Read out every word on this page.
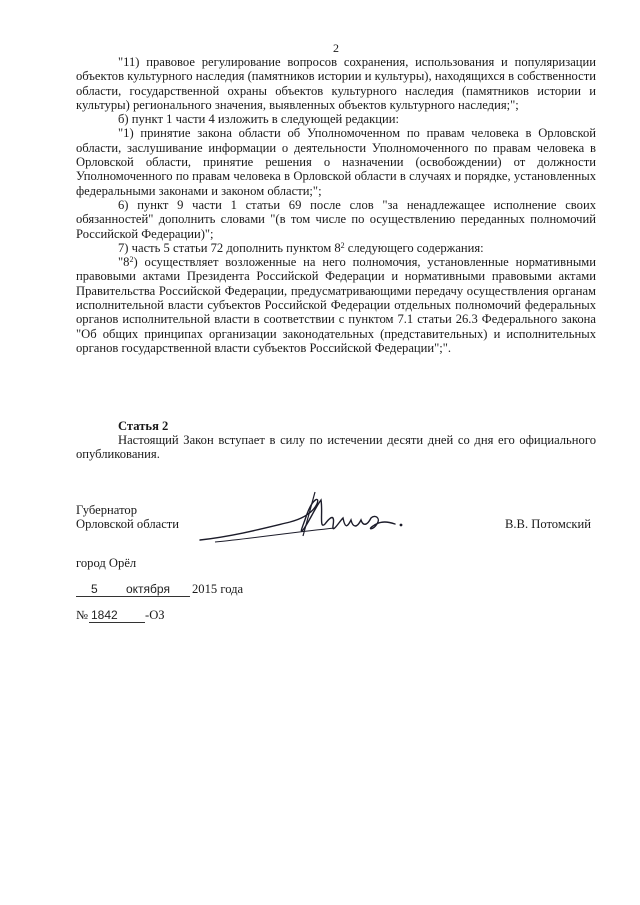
2

"11) правовое регулирование вопросов сохранения, использования и популяризации объектов культурного наследия (памятников истории и культуры), находящихся в собственности области, государственной охраны объектов культурного наследия (памятников истории и культуры) регионального значения, выявленных объектов культурного наследия;";

б) пункт 1 части 4 изложить в следующей редакции:

"1) принятие закона области об Уполномоченном по правам человека в Орловской области, заслушивание информации о деятельности Уполномоченного по правам человека в Орловской области, принятие решения о назначении (освобождении) от должности Уполномоченного по правам человека в Орловской области в случаях и порядке, установленных федеральными законами и законом области;";

6) пункт 9 части 1 статьи 69 после слов "за ненадлежащее исполнение своих обязанностей" дополнить словами "(в том числе по осуществлению переданных полномочий Российской Федерации)";

7) часть 5 статьи 72 дополнить пунктом $8^2$ следующего содержания:

"$8^2$) осуществляет возложенные на него полномочия, установленные нормативными правовыми актами Президента Российской Федерации и нормативными правовыми актами Правительства Российской Федерации, предусматривающими передачу осуществления органам исполнительной власти субъектов Российской Федерации отдельных полномочий федеральных органов исполнительной власти в соответствии с пунктом 7.1 статьи 26.3 Федерального закона "Об общих принципах организации законодательных (представительных) и исполнительных органов государственной власти субъектов Российской Федерации";".

Статья 2

Настоящий Закон вступает в силу по истечении десяти дней со дня его официального опубликования.

Губернатор
Орловской области	В.В. Потомский
город Орёл
5 октября 2015 года
№ 1842 -ОЗ
